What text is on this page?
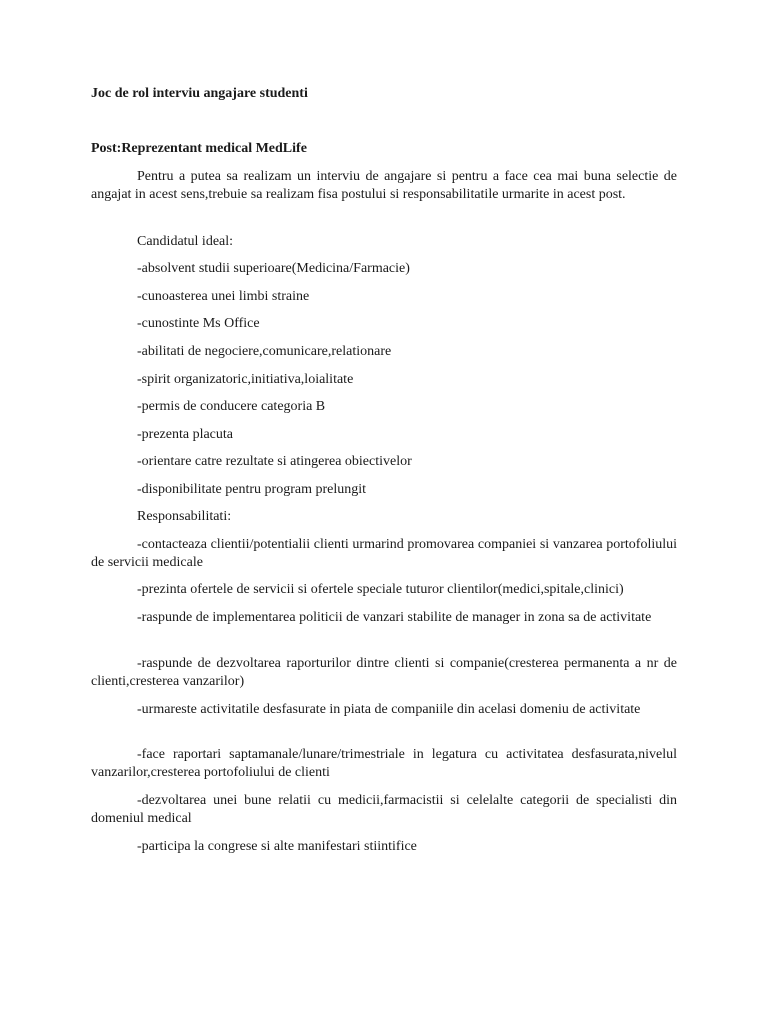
Joc de rol interviu angajare studenti
Post:Reprezentant medical MedLife
Pentru a putea sa realizam un interviu de angajare si pentru a face cea mai buna selectie de angajat in acest sens,trebuie sa realizam fisa postului si responsabilitatile urmarite in acest post.
Candidatul ideal:
-absolvent studii superioare(Medicina/Farmacie)
-cunoasterea unei limbi straine
-cunostinte Ms Office
-abilitati de negociere,comunicare,relationare
-spirit organizatoric,initiativa,loialitate
-permis de conducere categoria B
-prezenta placuta
-orientare catre rezultate si atingerea obiectivelor
-disponibilitate pentru program prelungit
Responsabilitati:
-contacteaza clientii/potentialii clienti urmarind promovarea companiei si vanzarea portofoliului de servicii medicale
-prezinta ofertele de servicii si ofertele speciale tuturor clientilor(medici,spitale,clinici)
-raspunde de implementarea politicii de vanzari stabilite de manager in zona sa de activitate
-raspunde de dezvoltarea raporturilor dintre clienti si companie(cresterea permanenta a nr de clienti,cresterea vanzarilor)
-urmareste activitatile desfasurate in piata de companiile din acelasi domeniu de activitate
-face raportari saptamanale/lunare/trimestriale in legatura cu activitatea desfasurata,nivelul vanzarilor,cresterea portofoliului de clienti
-dezvoltarea unei bune relatii cu medicii,farmacistii si celelalte categorii de specialisti din domeniul medical
-participa la congrese si alte manifestari stiintifice
